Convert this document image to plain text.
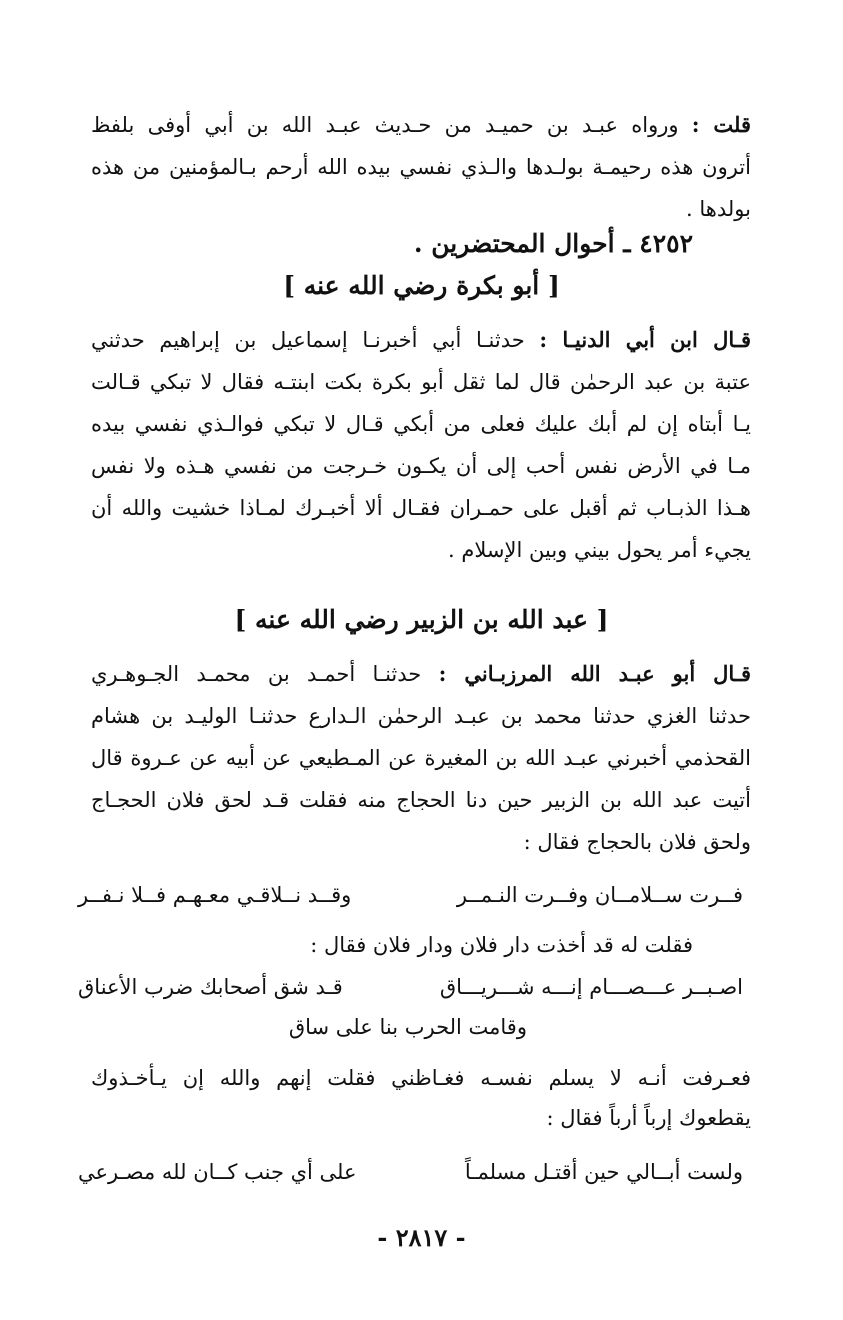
قلت : ورواه عبـد بن حميـد من حـديث عبـد الله بن أبي أوفى بلفظ
أترون هذه رحيمـة بولـدها والـذي نفسي بيده الله أرحم بـالمؤمنين من هذه
بولدها .
٤٢٥٢ ـ أحوال المحتضرين .
[ أبو بكرة رضي الله عنه ]
قـال ابن أبي الدنيـا : حدثنـا أبي أخبرنـا إسماعيل بن إبراهيم حدثني
عتبة بن عبد الرحمٰن قال لما ثقل أبو بكرة بكت ابنتـه فقال لا تبكي قـالت
يـا أبتاه إن لم أبك عليك فعلى من أبكي قـال لا تبكي فوالـذي نفسي بيده
مـا في الأرض نفس أحب إلى أن يكـون خـرجت من نفسي هـذه ولا نفس
هـذا الذبـاب ثم أقبل على حمـران فقـال ألا أخبـرك لمـاذا خشيت والله أن
يجيء أمر يحول بيني وبين الإسلام .
[ عبد الله بن الزبير رضي الله عنه ]
قـال أبو عبـد الله المرزبـاني : حدثنـا أحمـد بن محمـد الجـوهـري
حدثنا الغزي حدثنا محمد بن عبـد الرحمٰن الـدارع حدثنـا الوليـد بن هشام
القحذمي أخبرني عبـد الله بن المغيرة عن المـطيعي عن أبيه عن عـروة قال
أتيت عبد الله بن الزبير حين دنا الحجاج منه فقلت قـد لحق فلان الحجـاج
ولحق فلان بالحجاج فقال :
فــرت ســلامــان وفــرت النـمــر
وقــد نــلاقـي معـهـم فــلا نـفــر
فقلت له قد أخذت دار فلان ودار فلان فقال :
اصـبــر عـــصـــام إنـــه شـــريـــاق
قـد شق أصحابك ضرب الأعناق
وقامت الحرب بنا على ساق
فعـرفت أنـه لا يسلم نفسـه فغـاظني فقلت إنهم والله إن يـأخـذوك
يقطعوك إرباً أرباً فقال :
ولست أبــالي حين أقتـل مسلمـاً
على أي جنب كــان لله مصـرعي
- ٢٨١٧ -
